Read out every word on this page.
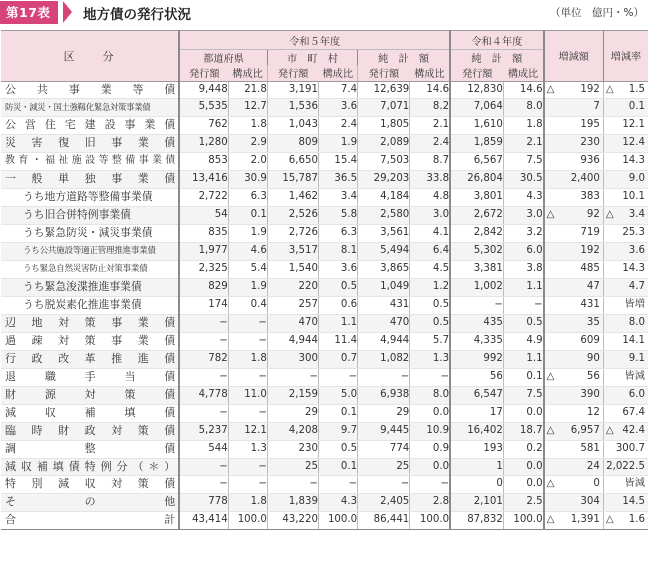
第17表	地方債の発行状況	（単位　億円・%）
区　　分	令和５年度						令和４年度		増減額	増減率
	都道府県		市　町　村		純　計　額		純　計　額			
	発行額	構成比	発行額	構成比	発行額	構成比	発行額	構成比		
公共事業等債	9,448	21.8	3,191	7.4	12,639	14.6	12,830	14.6	△ 192	△ 1.5

防災・減災・国土強靱化緊急対策事業債	5,535	12.7	1,536	3.6	7,071	8.2	7,064	8.0	7	0.1

公営住宅建設事業債	762	1.8	1,043	2.4	1,805	2.1	1,610	1.8	195	12.1

災害復旧事業債	1,280	2.9	809	1.9	2,089	2.4	1,859	2.1	230	12.4

教育・福祉施設等整備事業債	853	2.0	6,650	15.4	7,503	8.7	6,567	7.5	936	14.3

一般単独事業債	13,416	30.9	15,787	36.5	29,203	33.8	26,804	30.5	2,400	9.0

うち地方道路等整備事業債	2,722	6.3	1,462	3.4	4,184	4.8	3,801	4.3	383	10.1

うち旧合併特例事業債	54	0.1	2,526	5.8	2,580	3.0	2,672	3.0	△ 92	△ 3.4

うち緊急防災・減災事業債	835	1.9	2,726	6.3	3,561	4.1	2,842	3.2	719	25.3

うち公共施設等適正管理推進事業債	1,977	4.6	3,517	8.1	5,494	6.4	5,302	6.0	192	3.6

うち緊急自然災害防止対策事業債	2,325	5.4	1,540	3.6	3,865	4.5	3,381	3.8	485	14.3

うち緊急浚渫推進事業債	829	1.9	220	0.5	1,049	1.2	1,002	1.1	47	4.7

うち脱炭素化推進事業債	174	0.4	257	0.6	431	0.5	−	−	431	皆増

辺地対策事業債	−	−	470	1.1	470	0.5	435	0.5	35	8.0

過疎対策事業債	−	−	4,944	11.4	4,944	5.7	4,335	4.9	609	14.1

行政改革推進債	782	1.8	300	0.7	1,082	1.3	992	1.1	90	9.1

退職手当債	−	−	−	−	−	−	56	0.1	△ 56	皆減

財源対策債	4,778	11.0	2,159	5.0	6,938	8.0	6,547	7.5	390	6.0

減収補填債	−	−	29	0.1	29	0.0	17	0.0	12	67.4

臨時財政対策債	5,237	12.1	4,208	9.7	9,445	10.9	16,402	18.7	△ 6,957	△ 42.4

調整債	544	1.3	230	0.5	774	0.9	193	0.2	581	300.7

減収補填債特例分（＊）	−	−	25	0.1	25	0.0	1	0.0	24	2,022.5

特別減収対策債	−	−	−	−	−	−	0	0.0	△ 0	皆減

その他	778	1.8	1,839	4.3	2,405	2.8	2,101	2.5	304	14.5

合計	43,414	100.0	43,220	100.0	86,441	100.0	87,832	100.0	△ 1,391	△ 1.6
